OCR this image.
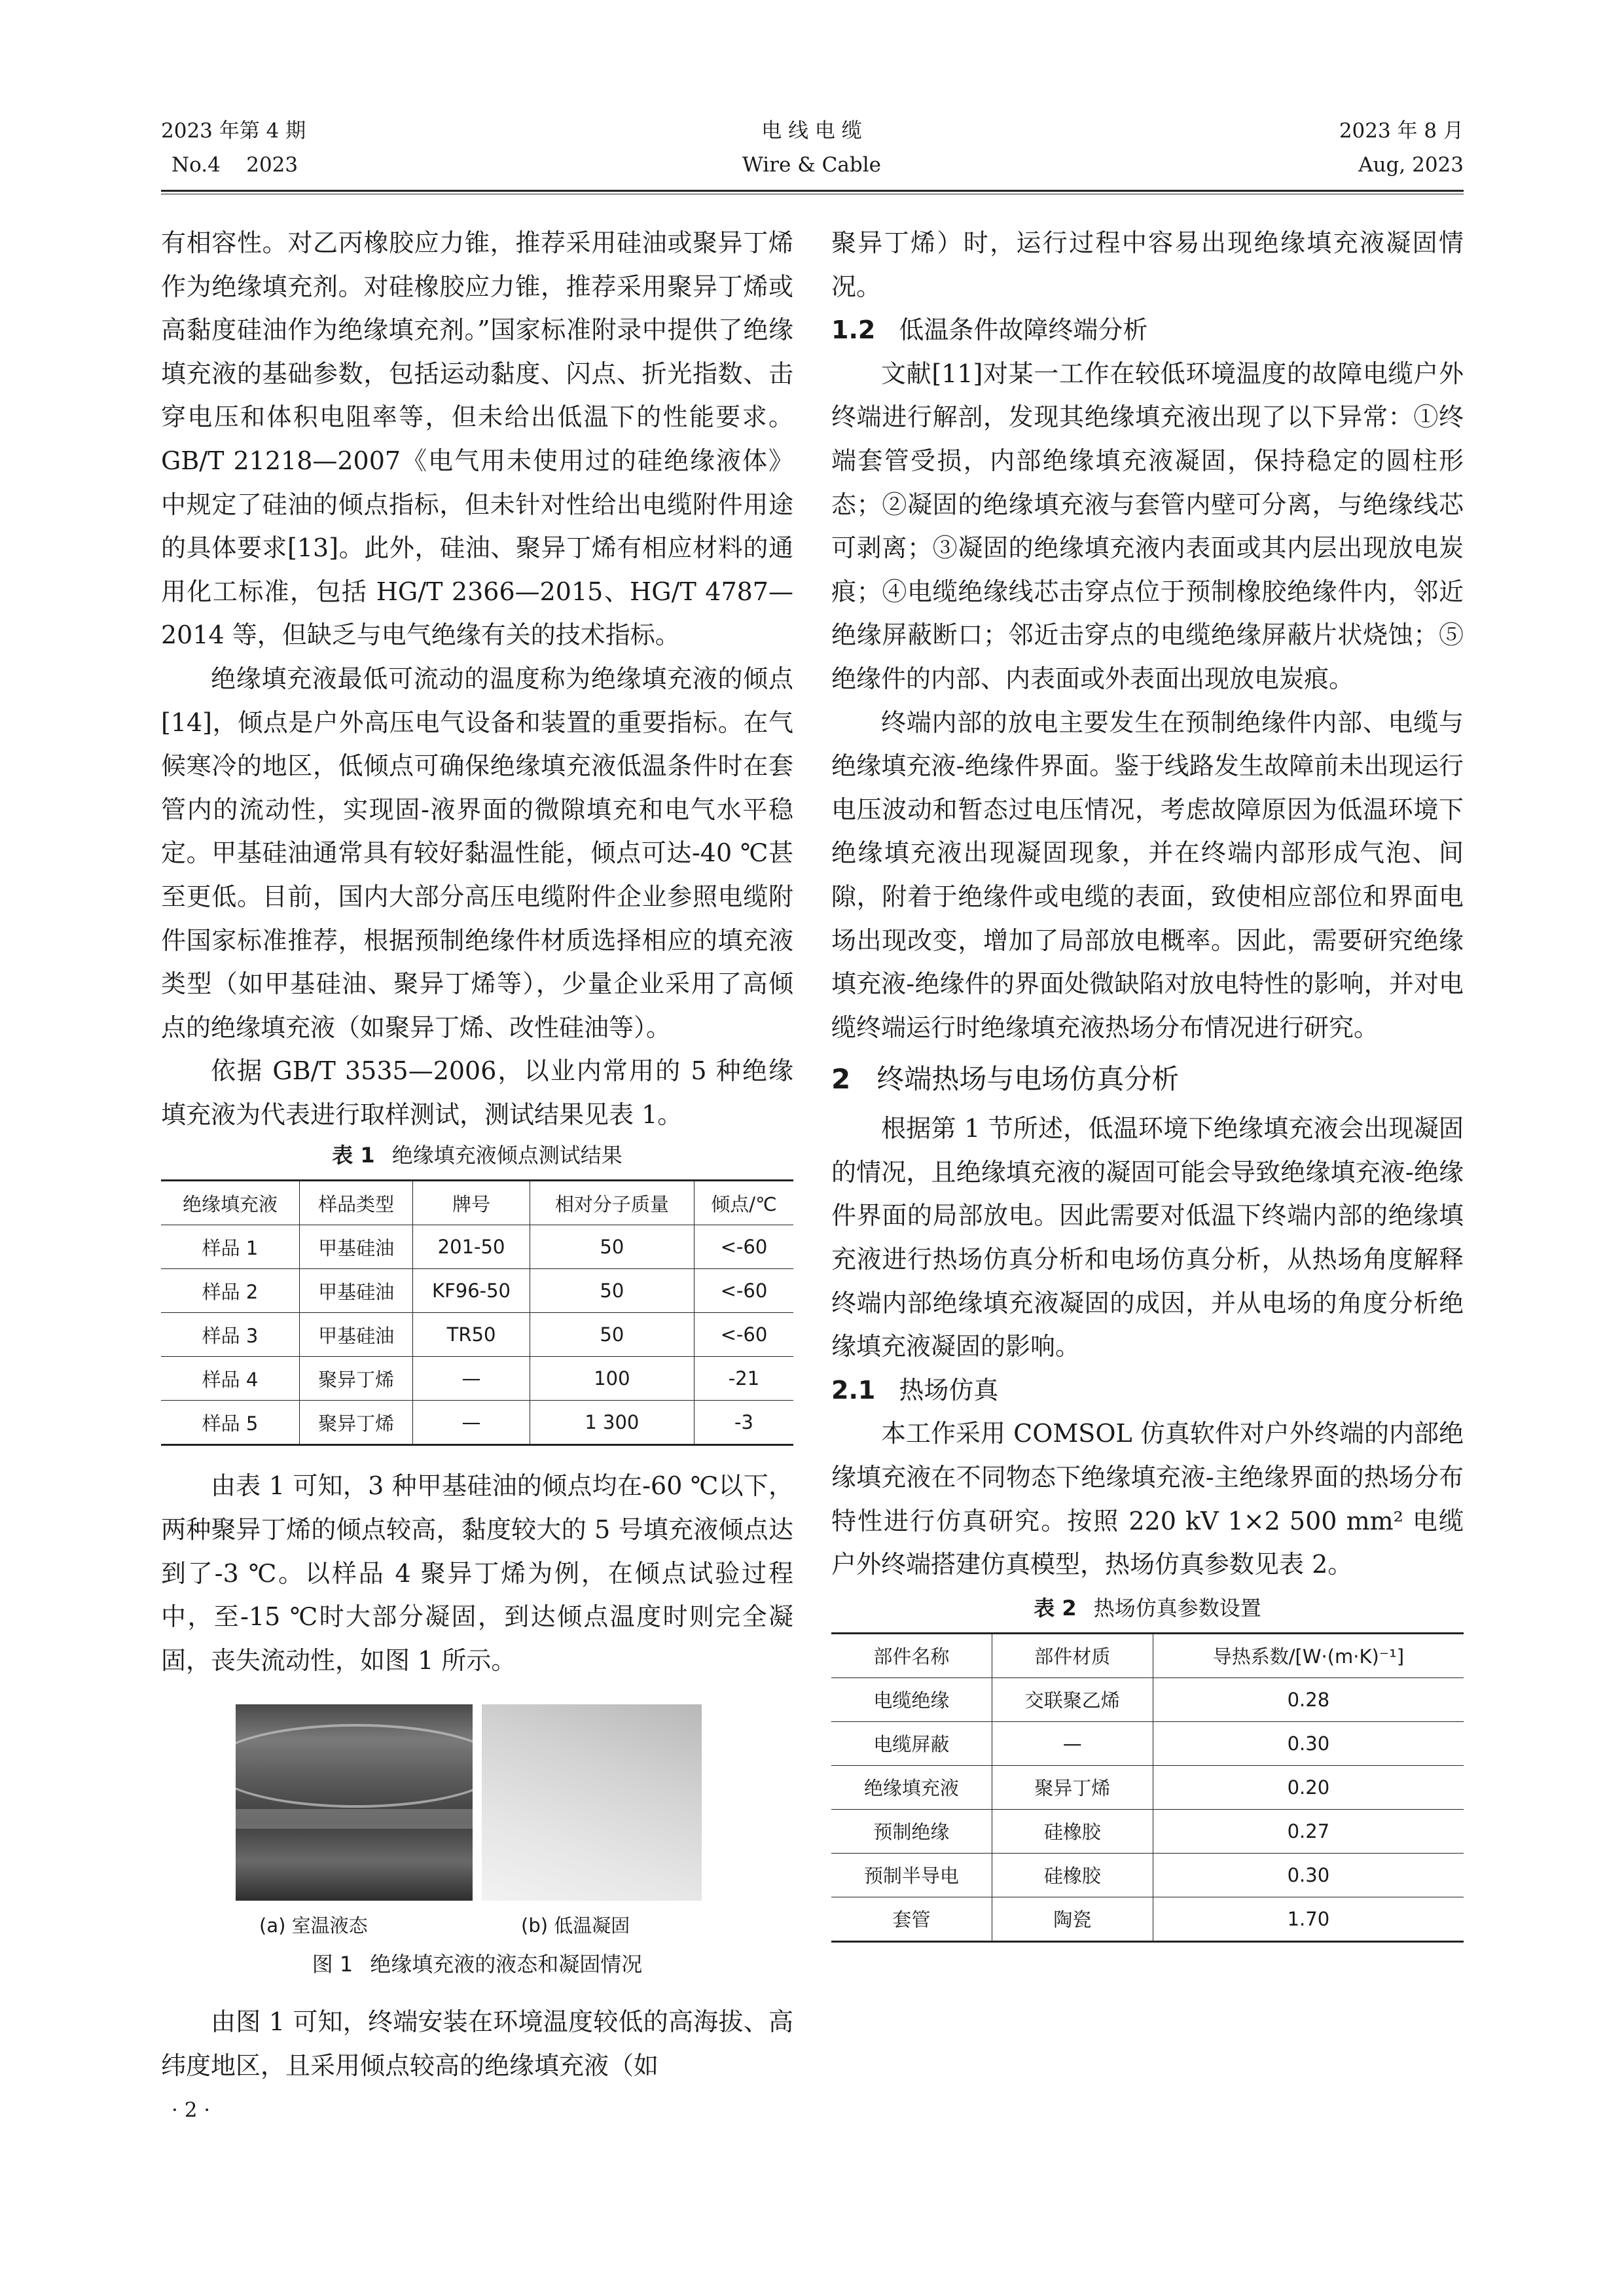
2023 年第 4 期
No.4    2023
电 线 电 缆
Wire & Cable
2023 年 8 月
Aug, 2023

有相容性。对乙丙橡胶应力锥，推荐采用硅油或聚异丁烯作为绝缘填充剂。对硅橡胶应力锥，推荐采用聚异丁烯或高黏度硅油作为绝缘填充剂。”国家标准附录中提供了绝缘填充液的基础参数，包括运动黏度、闪点、折光指数、击穿电压和体积电阻率等，但未给出低温下的性能要求。GB/T 21218—2007《电气用未使用过的硅绝缘液体》中规定了硅油的倾点指标，但未针对性给出电缆附件用途的具体要求[13]。此外，硅油、聚异丁烯有相应材料的通用化工标准，包括 HG/T 2366—2015、HG/T 4787—2014 等，但缺乏与电气绝缘有关的技术指标。

绝缘填充液最低可流动的温度称为绝缘填充液的倾点[14]，倾点是户外高压电气设备和装置的重要指标。在气候寒冷的地区，低倾点可确保绝缘填充液低温条件时在套管内的流动性，实现固-液界面的微隙填充和电气水平稳定。甲基硅油通常具有较好黏温性能，倾点可达-40 ℃甚至更低。目前，国内大部分高压电缆附件企业参照电缆附件国家标准推荐，根据预制绝缘件材质选择相应的填充液类型（如甲基硅油、聚异丁烯等），少量企业采用了高倾点的绝缘填充液（如聚异丁烯、改性硅油等）。

依据 GB/T 3535—2006，以业内常用的 5 种绝缘填充液为代表进行取样测试，测试结果见表 1。

表 1 绝缘填充液倾点测试结果

绝缘填充液	样品类型	牌号	相对分子质量	倾点/℃
样品 1	甲基硅油	201-50	50	<-60
样品 2	甲基硅油	KF96-50	50	<-60
样品 3	甲基硅油	TR50	50	<-60
样品 4	聚异丁烯	—	100	-21
样品 5	聚异丁烯	—	1 300	-3

由表 1 可知，3 种甲基硅油的倾点均在-60 ℃以下，两种聚异丁烯的倾点较高，黏度较大的 5 号填充液倾点达到了-3 ℃。以样品 4 聚异丁烯为例，在倾点试验过程中，至-15 ℃时大部分凝固，到达倾点温度时则完全凝固，丧失流动性，如图 1 所示。

(a) 室温液态	(b) 低温凝固

图 1 绝缘填充液的液态和凝固情况

由图 1 可知，终端安装在环境温度较低的高海拔、高纬度地区，且采用倾点较高的绝缘填充液（如

聚异丁烯）时，运行过程中容易出现绝缘填充液凝固情况。

1.2 低温条件故障终端分析

文献[11]对某一工作在较低环境温度的故障电缆户外终端进行解剖，发现其绝缘填充液出现了以下异常：①终端套管受损，内部绝缘填充液凝固，保持稳定的圆柱形态；②凝固的绝缘填充液与套管内壁可分离，与绝缘线芯可剥离；③凝固的绝缘填充液内表面或其内层出现放电炭痕；④电缆绝缘线芯击穿点位于预制橡胶绝缘件内，邻近绝缘屏蔽断口；邻近击穿点的电缆绝缘屏蔽片状烧蚀；⑤绝缘件的内部、内表面或外表面出现放电炭痕。

终端内部的放电主要发生在预制绝缘件内部、电缆与绝缘填充液-绝缘件界面。鉴于线路发生故障前未出现运行电压波动和暂态过电压情况，考虑故障原因为低温环境下绝缘填充液出现凝固现象，并在终端内部形成气泡、间隙，附着于绝缘件或电缆的表面，致使相应部位和界面电场出现改变，增加了局部放电概率。因此，需要研究绝缘填充液-绝缘件的界面处微缺陷对放电特性的影响，并对电缆终端运行时绝缘填充液热场分布情况进行研究。

2 终端热场与电场仿真分析

根据第 1 节所述，低温环境下绝缘填充液会出现凝固的情况，且绝缘填充液的凝固可能会导致绝缘填充液-绝缘件界面的局部放电。因此需要对低温下终端内部的绝缘填充液进行热场仿真分析和电场仿真分析，从热场角度解释终端内部绝缘填充液凝固的成因，并从电场的角度分析绝缘填充液凝固的影响。

2.1 热场仿真

本工作采用 COMSOL 仿真软件对户外终端的内部绝缘填充液在不同物态下绝缘填充液-主绝缘界面的热场分布特性进行仿真研究。按照 220 kV 1×2 500 mm² 电缆户外终端搭建仿真模型，热场仿真参数见表 2。

表 2 热场仿真参数设置

部件名称	部件材质	导热系数/[W·(m·K)⁻¹]
电缆绝缘	交联聚乙烯	0.28
电缆屏蔽	—	0.30
绝缘填充液	聚异丁烯	0.20
预制绝缘	硅橡胶	0.27
预制半导电	硅橡胶	0.30
套管	陶瓷	1.70
· 2 ·
